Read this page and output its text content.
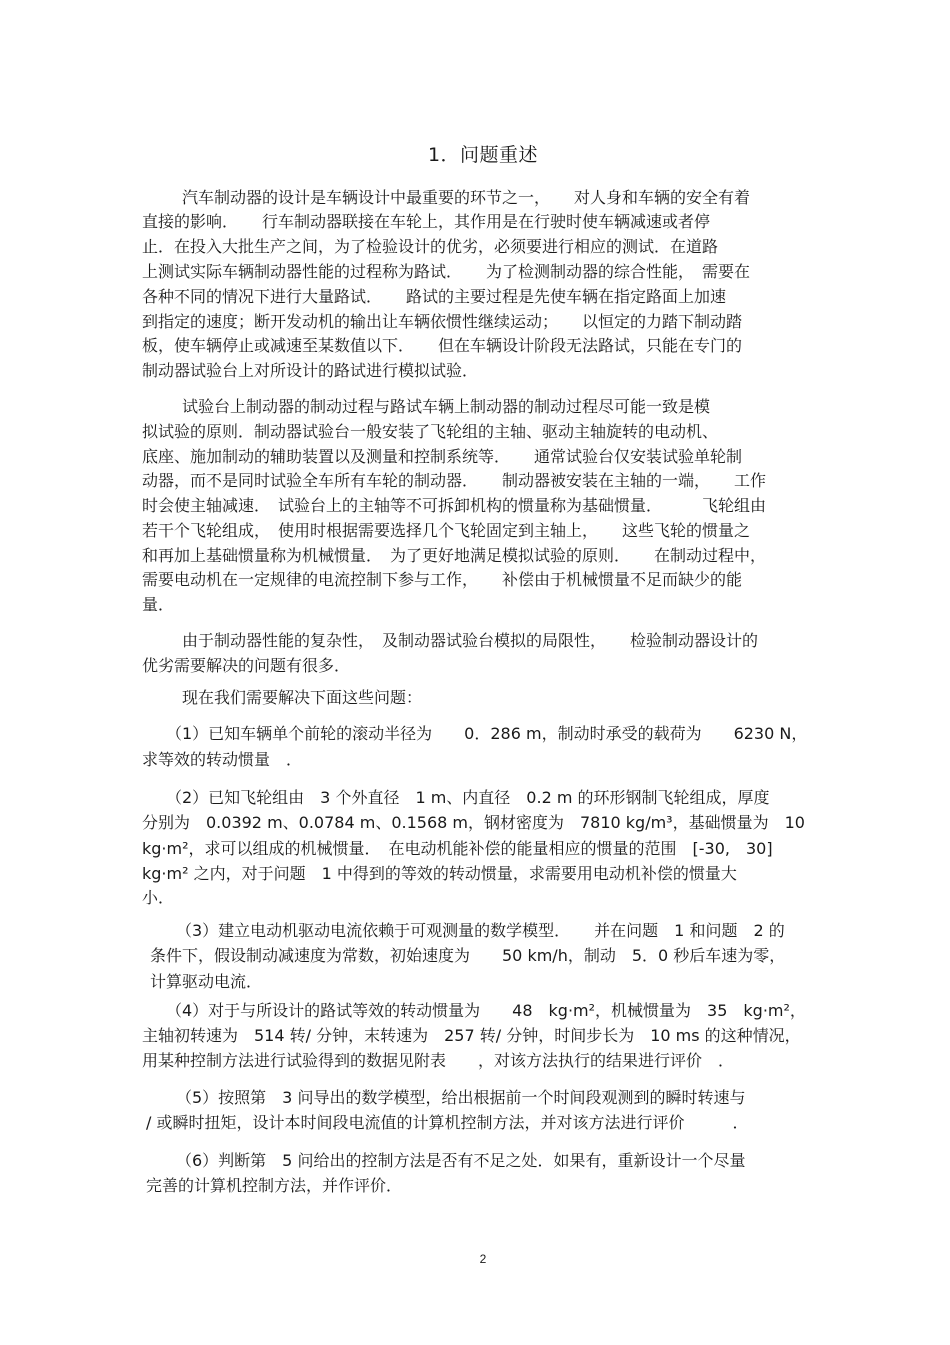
1．问题重述
汽车制动器的设计是车辆设计中最重要的环节之一，　　对人身和车辆的安全有着
直接的影响．　　行车制动器联接在车轮上，其作用是在行驶时使车辆减速或者停
止．在投入大批生产之间，为了检验设计的优劣，必须要进行相应的测试．在道路
上测试实际车辆制动器性能的过程称为路试．　　为了检测制动器的综合性能，　需要在
各种不同的情况下进行大量路试．　　路试的主要过程是先使车辆在指定路面上加速
到指定的速度；断开发动机的输出让车辆依惯性继续运动；　　以恒定的力踏下制动踏
板，使车辆停止或减速至某数值以下．　　但在车辆设计阶段无法路试，只能在专门的
制动器试验台上对所设计的路试进行模拟试验．
试验台上制动器的制动过程与路试车辆上制动器的制动过程尽可能一致是模
拟试验的原则．制动器试验台一般安装了飞轮组的主轴、驱动主轴旋转的电动机、
底座、施加制动的辅助装置以及测量和控制系统等．　　通常试验台仅安装试验单轮制
动器，而不是同时试验全车所有车轮的制动器．　　制动器被安装在主轴的一端，　　工作
时会使主轴减速．　试验台上的主轴等不可拆卸机构的惯量称为基础惯量．　　　飞轮组由
若干个飞轮组成，　使用时根据需要选择几个飞轮固定到主轴上，　　这些飞轮的惯量之
和再加上基础惯量称为机械惯量．　为了更好地满足模拟试验的原则．　　在制动过程中，
需要电动机在一定规律的电流控制下参与工作，　　补偿由于机械惯量不足而缺少的能
量．
由于制动器性能的复杂性，　及制动器试验台模拟的局限性，　　检验制动器设计的
优劣需要解决的问题有很多．
现在我们需要解决下面这些问题：
（1）已知车辆单个前轮的滚动半径为　　0．286 m，制动时承受的载荷为　　6230 N，
求等效的转动惯量　．
（2）已知飞轮组由　3 个外直径　1 m、内直径　0.2 m 的环形钢制飞轮组成，厚度
分别为　0.0392 m、0.0784 m、0.1568 m，钢材密度为　7810 kg/m³，基础惯量为　10
kg·m²，求可以组成的机械惯量．　在电动机能补偿的能量相应的惯量的范围　[-30,　30]
kg·m² 之内，对于问题　1 中得到的等效的转动惯量，求需要用电动机补偿的惯量大
小．
（3）建立电动机驱动电流依赖于可观测量的数学模型．　　并在问题　1 和问题　2 的
条件下，假设制动减速度为常数，初始速度为　　50 km/h，制动　5．0 秒后车速为零，
计算驱动电流．
（4）对于与所设计的路试等效的转动惯量为　　48　kg·m²，机械惯量为　35　kg·m²，
主轴初转速为　514 转/ 分钟，末转速为　257 转/ 分钟，时间步长为　10 ms 的这种情况，
用某种控制方法进行试验得到的数据见附表　　，对该方法执行的结果进行评价　．
（5）按照第　3 问导出的数学模型，给出根据前一个时间段观测到的瞬时转速与
/ 或瞬时扭矩，设计本时间段电流值的计算机控制方法，并对该方法进行评价　　　．
（6）判断第　5 问给出的控制方法是否有不足之处．如果有，重新设计一个尽量
完善的计算机控制方法，并作评价．
2
